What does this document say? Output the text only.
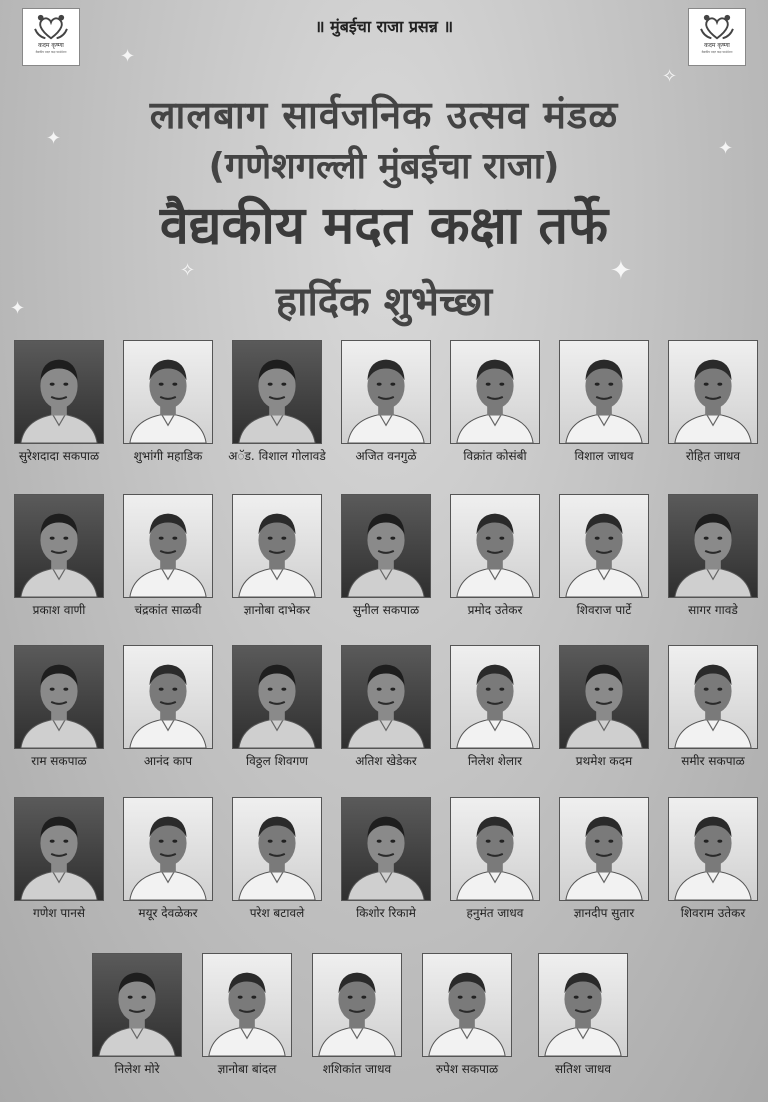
✦
✦
✧
✦
✦
✧
✦
कदम कृष्णा
वैद्यकीय मदत कक्ष फाउंडेशन
कदम कृष्णा
वैद्यकीय मदत कक्ष फाउंडेशन
॥ मुंबईचा राजा प्रसन्न ॥
लालबाग सार्वजनिक उत्सव मंडळ
(गणेशगल्ली मुंबईचा राजा)
वैद्यकीय मदत कक्षा तर्फे
हार्दिक शुभेच्छा
सुरेशदादा सकपाळ	शुभांगी महाडिक	अॅड. विशाल गोलावडे	अजित वनगुळे	विक्रांत कोसंबी	विशाल जाधव	रोहित जाधव
प्रकाश वाणी	चंद्रकांत साळवी	ज्ञानोबा दाभेकर	सुनील सकपाळ	प्रमोद उतेकर	शिवराज पार्टे	सागर गावडे
राम सकपाळ	आनंद काप	विठ्ठल शिवगण	अतिश खेडेकर	निलेश शेलार	प्रथमेश कदम	समीर सकपाळ
गणेश पानसे	मयूर देवळेकर	परेश बटावले	किशोर रिकामे	हनुमंत जाधव	ज्ञानदीप सुतार	शिवराम उतेकर
निलेश मोरे	ज्ञानोबा बांदल	शशिकांत जाधव	रुपेश सकपाळ	सतिश जाधव
